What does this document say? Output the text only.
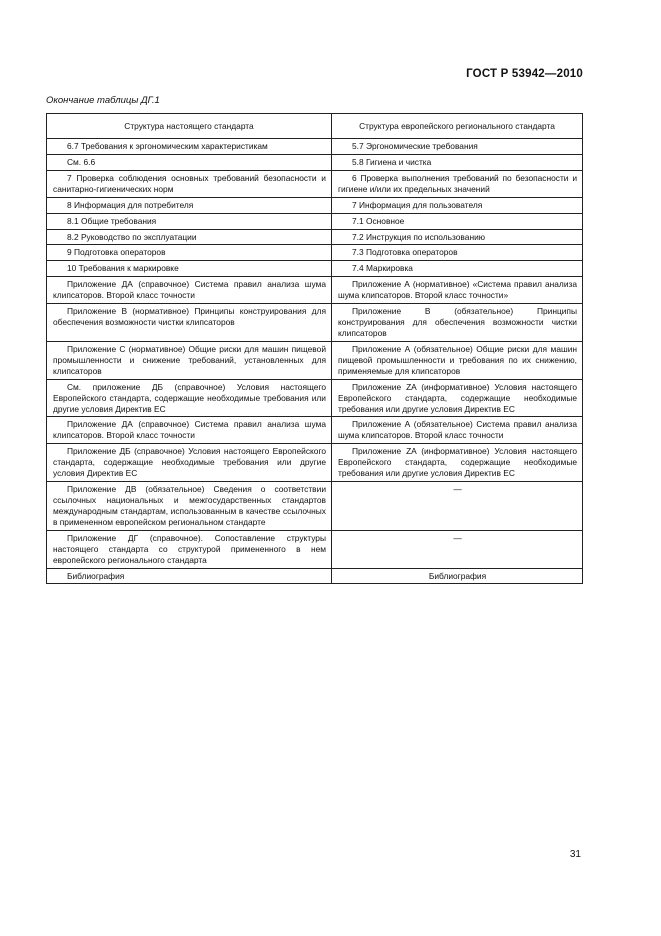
ГОСТ Р 53942—2010
Окончание таблицы ДГ.1
Структура настоящего стандарта	Структура европейского регионального стандарта

6.7 Требования к эргономическим характеристикам	5.7 Эргономические требования

См. 6.6	5.8 Гигиена и чистка

7 Проверка соблюдения основных требований безопасности и санитарно-гигиенических норм	6 Проверка выполнения требований по безопасности и гигиене и/или их предельных значений

8 Информация для потребителя	7 Информация для пользователя

8.1 Общие требования	7.1 Основное

8.2 Руководство по эксплуатации	7.2 Инструкция по использованию

9 Подготовка операторов	7.3 Подготовка операторов

10 Требования к маркировке	7.4 Маркировка

Приложение ДА (справочное) Система правил анализа шума клипсаторов. Второй класс точности	Приложение А (нормативное) «Система правил анализа шума клипсаторов. Второй класс точности»

Приложение В (нормативное) Принципы конструирования для обеспечения возможности чистки клипсаторов	Приложение В (обязательное) Принципы конструирования для обеспечения возможности чистки клипсаторов

Приложение С (нормативное) Общие риски для машин пищевой промышленности и снижение требований, установленных для клипсаторов	Приложение А (обязательное) Общие риски для машин пищевой промышленности и требования по их снижению, применяемые для клипсаторов

См. приложение ДБ (справочное) Условия настоящего Европейского стандарта, содержащие необходимые требования или другие условия Директив ЕС	Приложение ZA (информативное) Условия настоящего Европейского стандарта, содержащие необходимые требования или другие условия Директив ЕС

Приложение ДА (справочное) Система правил анализа шума клипсаторов. Второй класс точности	Приложение А (обязательное) Система правил анализа шума клипсаторов. Второй класс точности

Приложение ДБ (справочное) Условия настоящего Европейского стандарта, содержащие необходимые требования или другие условия Директив ЕС	Приложение ZA (информативное) Условия настоящего Европейского стандарта, содержащие необходимые требования или другие условия Директив ЕС

Приложение ДВ (обязательное) Сведения о соответствии ссылочных национальных и межгосударственных стандартов международным стандартам, использованным в качестве ссылочных в примененном европейском региональном стандарте	—

Приложение ДГ (справочное). Сопоставление структуры настоящего стандарта со структурой примененного в нем европейского регионального стандарта	—

Библиография	Библиография
31
